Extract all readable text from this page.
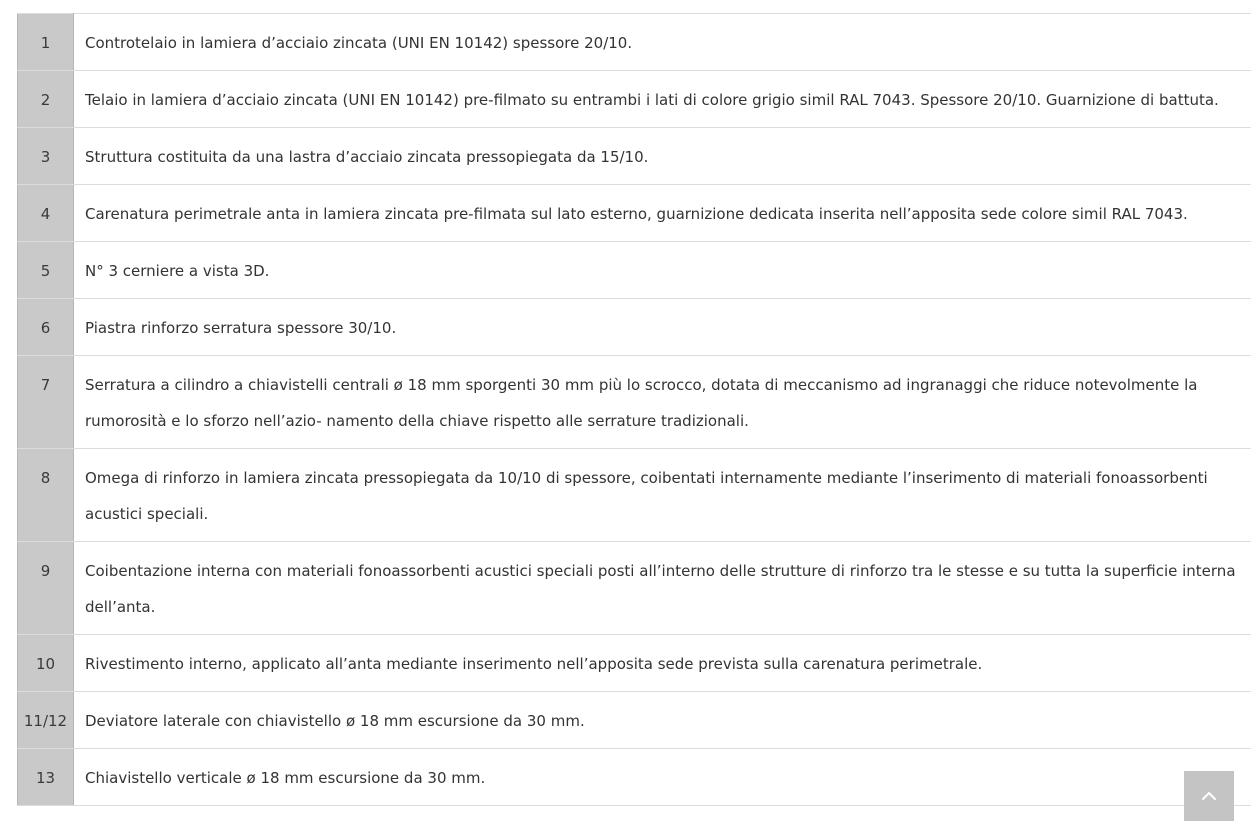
1	Controtelaio in lamiera d’acciaio zincata (UNI EN 10142) spessore 20/10.
2	Telaio in lamiera d’acciaio zincata (UNI EN 10142) pre-filmato su entrambi i lati di colore grigio simil RAL 7043. Spessore 20/10. Guarnizione di battuta.
3	Struttura costituita da una lastra d’acciaio zincata pressopiegata da 15/10.
4	Carenatura perimetrale anta in lamiera zincata pre-filmata sul lato esterno, guarnizione dedicata inserita nell’apposita sede colore simil RAL 7043.
5	N° 3 cerniere a vista 3D.
6	Piastra rinforzo serratura spessore 30/10.
7	Serratura a cilindro a chiavistelli centrali ø 18 mm sporgenti 30 mm più lo scrocco, dotata di meccanismo ad ingranaggi che riduce notevolmente la rumorosità e lo sforzo nell’azio- namento della chiave rispetto alle serrature tradizionali.
8	Omega di rinforzo in lamiera zincata pressopiegata da 10/10 di spessore, coibentati internamente mediante l’inserimento di materiali fonoassorbenti acustici speciali.
9	Coibentazione interna con materiali fonoassorbenti acustici speciali posti all’interno delle strutture di rinforzo tra le stesse e su tutta la superficie interna dell’anta.
10	Rivestimento interno, applicato all’anta mediante inserimento nell’apposita sede prevista sulla carenatura perimetrale.
11/12	Deviatore laterale con chiavistello ø 18 mm escursione da 30 mm.
13	Chiavistello verticale ø 18 mm escursione da 30 mm.
